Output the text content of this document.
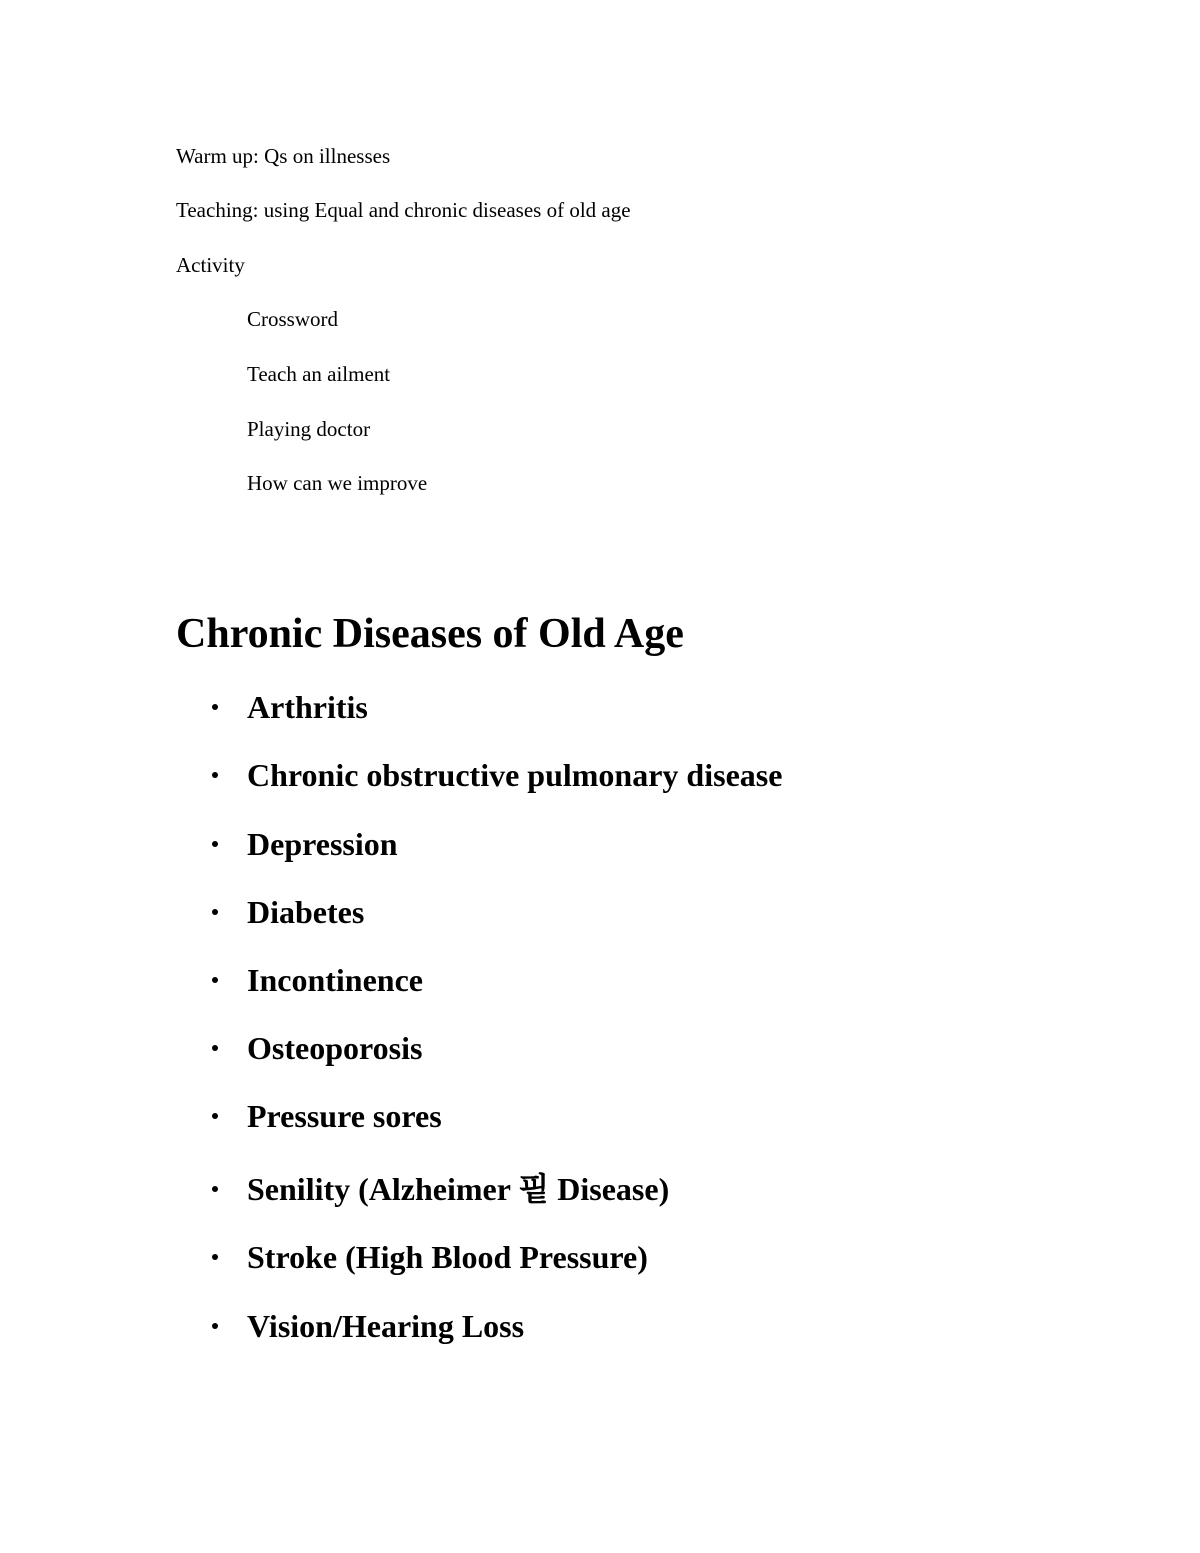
Warm up: Qs on illnesses
Teaching: using Equal and chronic diseases of old age
Activity
Crossword
Teach an ailment
Playing doctor
How can we improve
Chronic Diseases of Old Age
Arthritis
Chronic obstructive pulmonary disease
Depression
Diabetes
Incontinence
Osteoporosis
Pressure sores
Senility (Alzheimer 핕 Disease)
Stroke (High Blood Pressure)
Vision/Hearing Loss
